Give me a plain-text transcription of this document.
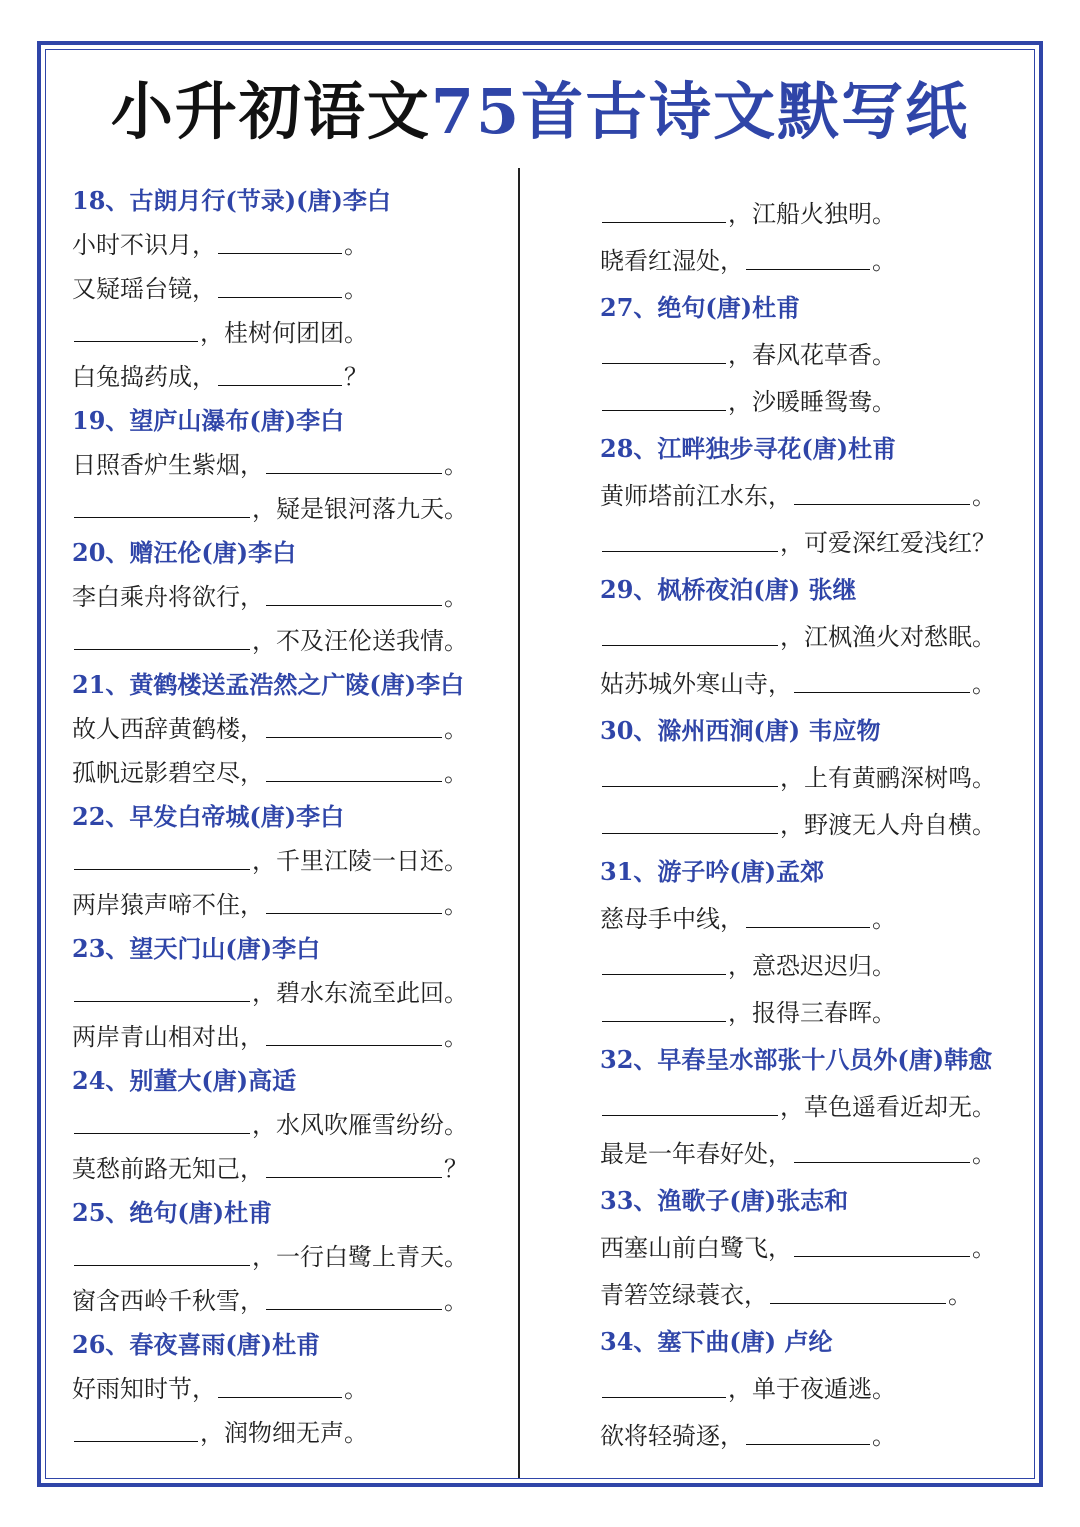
小升初语文75首古诗文默写纸
18、古朗月行(节录)(唐)李白
小时不识月，	。
又疑瑶台镜，	。
，桂树何团团。
白兔捣药成，	？
19、望庐山瀑布(唐)李白
日照香炉生紫烟，	。
，疑是银河落九天。
20、赠汪伦(唐)李白
李白乘舟将欲行，	。
，不及汪伦送我情。
21、黄鹤楼送孟浩然之广陵(唐)李白
故人西辞黄鹤楼，	。
孤帆远影碧空尽，	。
22、早发白帝城(唐)李白
，千里江陵一日还。
两岸猿声啼不住，	。
23、望天门山(唐)李白
，碧水东流至此回。
两岸青山相对出，	。
24、别董大(唐)高适
，水风吹雁雪纷纷。
莫愁前路无知己，	？
25、绝句(唐)杜甫
，一行白鹭上青天。
窗含西岭千秋雪，	。
26、春夜喜雨(唐)杜甫
好雨知时节，	。
，润物细无声。
，江船火独明。
晓看红湿处，	。
27、绝句(唐)杜甫
，春风花草香。
，沙暖睡鸳鸯。
28、江畔独步寻花(唐)杜甫
黄师塔前江水东，	。
，可爱深红爱浅红？
29、枫桥夜泊(唐) 张继
，江枫渔火对愁眠。
姑苏城外寒山寺，	。
30、滁州西涧(唐) 韦应物
，上有黄鹂深树鸣。
，野渡无人舟自横。
31、游子吟(唐)孟郊
慈母手中线，	。
，意恐迟迟归。
，报得三春晖。
32、早春呈水部张十八员外(唐)韩愈
，草色遥看近却无。
最是一年春好处，	。
33、渔歌子(唐)张志和
西塞山前白鹭飞，	。
青箬笠绿蓑衣，	。
34、塞下曲(唐) 卢纶
，单于夜遁逃。
欲将轻骑逐，	。
